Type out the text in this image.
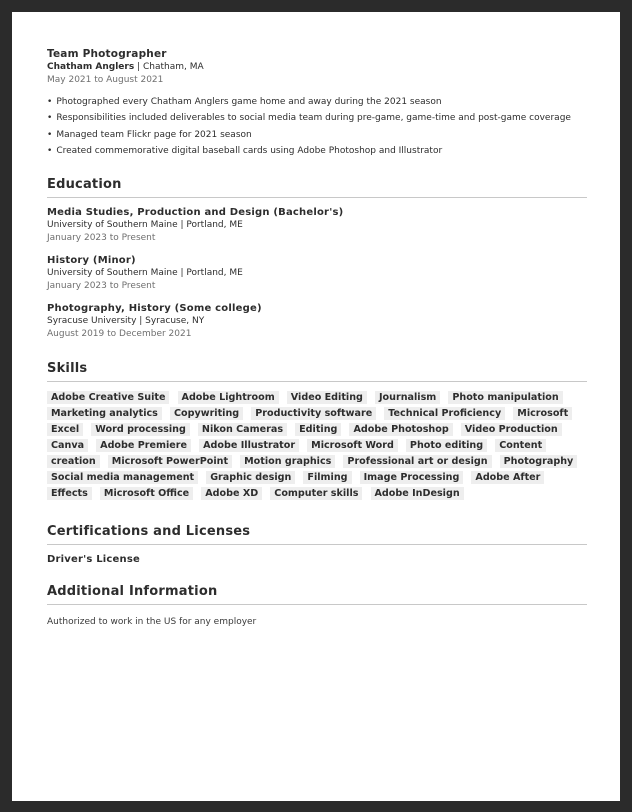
Team Photographer
Chatham Anglers | Chatham, MA
May 2021 to August 2021
• Photographed every Chatham Anglers game home and away during the 2021 season
• Responsibilities included deliverables to social media team during pre-game, game-time and post-game coverage
• Managed team Flickr page for 2021 season
• Created commemorative digital baseball cards using Adobe Photoshop and Illustrator
Education
Media Studies, Production and Design (Bachelor's)
University of Southern Maine | Portland, ME
January 2023 to Present
History (Minor)
University of Southern Maine | Portland, ME
January 2023 to Present
Photography, History (Some college)
Syracuse University | Syracuse, NY
August 2019 to December 2021
Skills
Adobe Creative Suite Adobe Lightroom Video Editing Journalism Photo manipulation Marketing analytics Copywriting Productivity software Technical Proficiency Microsoft Excel Word processing Nikon Cameras Editing Adobe Photoshop Video Production Canva Adobe Premiere Adobe Illustrator Microsoft Word Photo editing Content creation Microsoft PowerPoint Motion graphics Professional art or design Photography Social media management Graphic design Filming Image Processing Adobe After Effects Microsoft Office Adobe XD Computer skills Adobe InDesign
Certifications and Licenses
Driver's License
Additional Information
Authorized to work in the US for any employer
